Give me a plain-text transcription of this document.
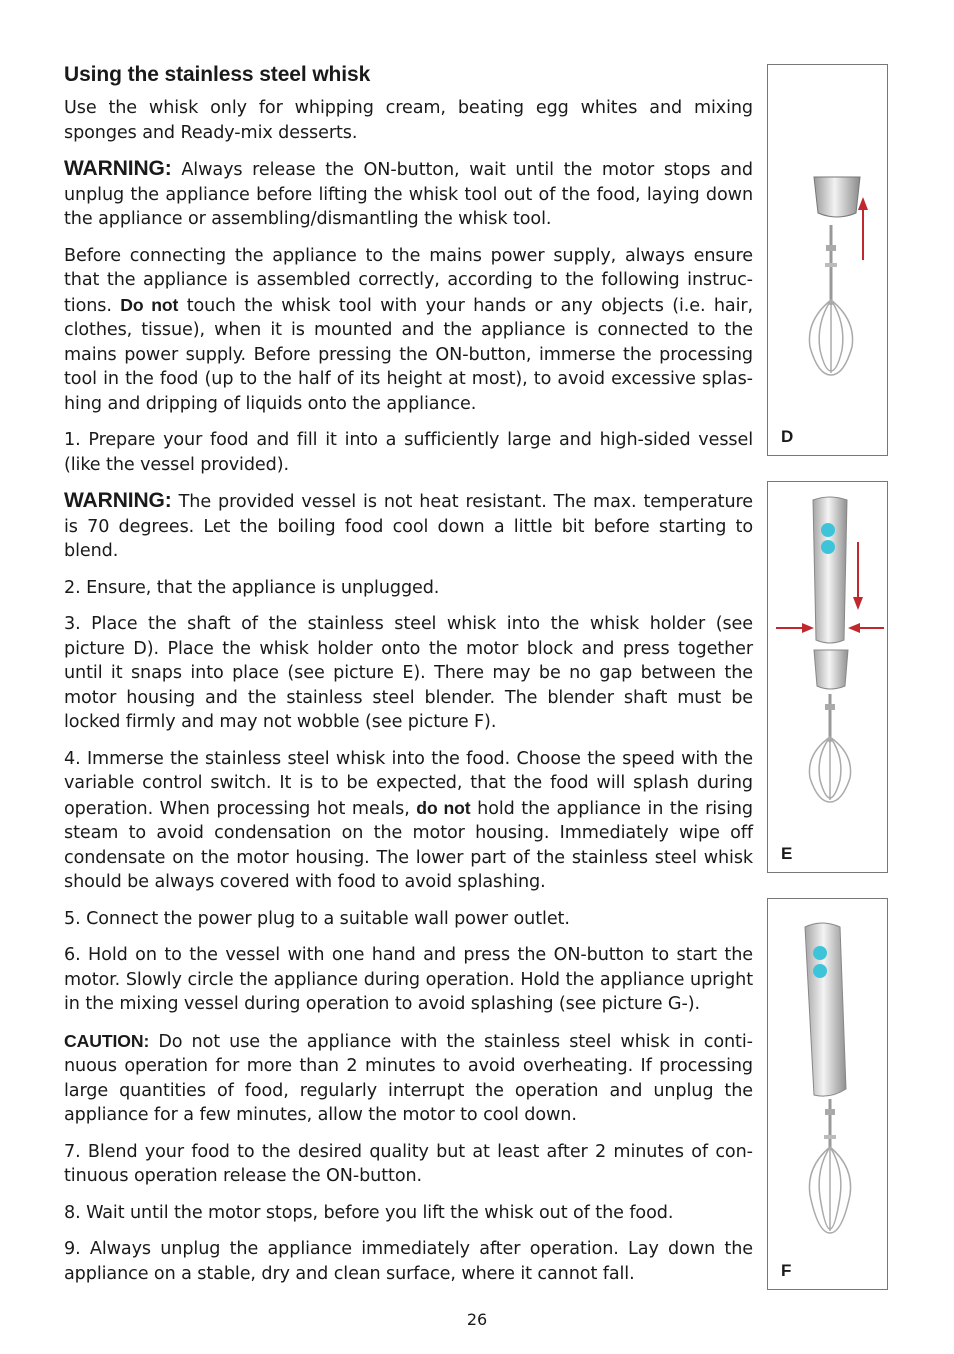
Using the stainless steel whisk

Use the whisk only for whipping cream, beating egg whites and mixing sponges and Ready-mix desserts.

WARNING: Always release the ON-button, wait until the motor stops and unplug the appliance before lifting the whisk tool out of the food, laying down the appliance or assembling/dismantling the whisk tool.

Before connecting the appliance to the mains power supply, always ensure that the appliance is assembled correctly, according to the following instructions. Do not touch the whisk tool with your hands or any objects (i.e. hair, clothes, tissue), when it is mounted and the appliance is connected to the mains power supply. Before pressing the ON-button, immerse the processing tool in the food (up to the half of its height at most), to avoid excessive splashing and dripping of liquids onto the appliance.

1. Prepare your food and fill it into a sufficiently large and high-sided vessel (like the vessel provided).

WARNING: The provided vessel is not heat resistant. The max. temperature is 70 degrees. Let the boiling food cool down a little bit before starting to blend.

2. Ensure, that the appliance is unplugged.

3. Place the shaft of the stainless steel whisk into the whisk holder (see picture D). Place the whisk holder onto the motor block and press together until it snaps into place (see picture E). There may be no gap between the motor housing and the stainless steel blender. The blender shaft must be locked firmly and may not wobble (see picture F).

4. Immerse the stainless steel whisk into the food. Choose the speed with the variable control switch. It is to be expected, that the food will splash during operation. When processing hot meals, do not hold the appliance in the rising steam to avoid condensation on the motor housing. Immediately wipe off condensate on the motor housing. The lower part of the stainless steel whisk should be always covered with food to avoid splashing.

5. Connect the power plug to a suitable wall power outlet.

6. Hold on to the vessel with one hand and press the ON-button to start the motor. Slowly circle the appliance during operation. Hold the appliance upright in the mixing vessel during operation to avoid splashing (see picture G-).

CAUTION: Do not use the appliance with the stainless steel whisk in continuous operation for more than 2 minutes to avoid overheating. If processing large quantities of food, regularly interrupt the operation and unplug the appliance for a few minutes, allow the motor to cool down.

7. Blend your food to the desired quality but at least after 2 minutes of continuous operation release the ON-button.

8. Wait until the motor stops, before you lift the whisk out of the food.

9. Always unplug the appliance immediately after operation. Lay down the appliance on a stable, dry and clean surface, where it cannot fall.

D
E
F
26
